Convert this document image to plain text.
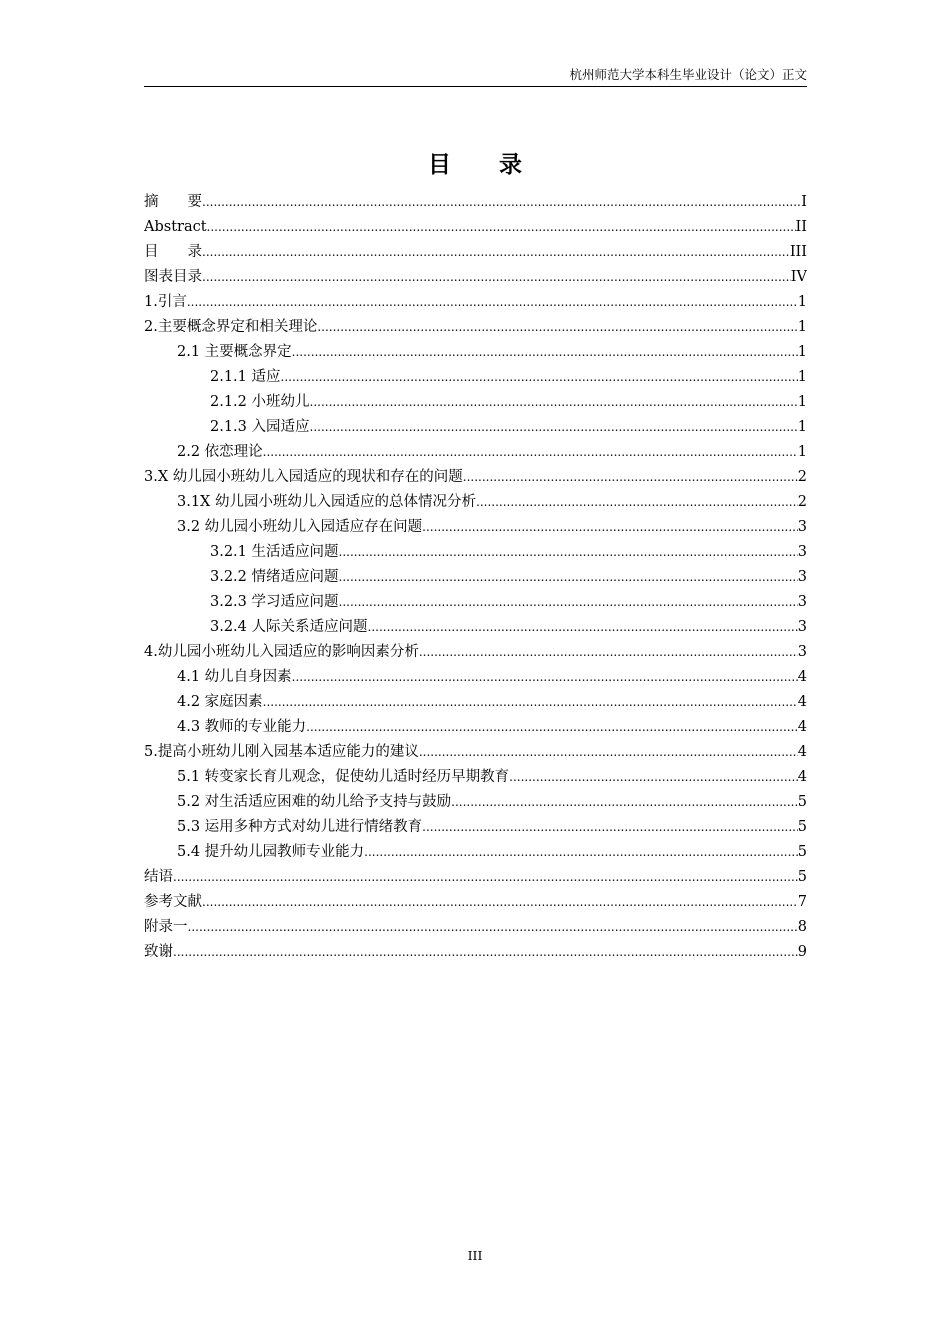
杭州师范大学本科生毕业设计（论文）正文
目 录
摘　　要 .....	I
Abstract .....	II
目　　录 .....	III
图表目录 .....	IV
1.引言 .....	1
2.主要概念界定和相关理论 .....	1
2.1 主要概念界定 .....	1
2.1.1 适应 .....	1
2.1.2 小班幼儿 .....	1
2.1.3 入园适应 .....	1
2.2 依恋理论 .....	1
3.X 幼儿园小班幼儿入园适应的现状和存在的问题 .....	2
3.1X 幼儿园小班幼儿入园适应的总体情况分析 .....	2
3.2 幼儿园小班幼儿入园适应存在问题 .....	3
3.2.1 生活适应问题 .....	3
3.2.2 情绪适应问题 .....	3
3.2.3 学习适应问题 .....	3
3.2.4 人际关系适应问题 .....	3
4.幼儿园小班幼儿入园适应的影响因素分析 .....	3
4.1 幼儿自身因素 .....	4
4.2 家庭因素 .....	4
4.3 教师的专业能力 .....	4
5.提高小班幼儿刚入园基本适应能力的建议 .....	4
5.1 转变家长育儿观念，促使幼儿适时经历早期教育 .....	4
5.2 对生活适应困难的幼儿给予支持与鼓励 .....	5
5.3 运用多种方式对幼儿进行情绪教育 .....	5
5.4 提升幼儿园教师专业能力 .....	5
结语 .....	5
参考文献 .....	7
附录一 .....	8
致谢 .....	9
III
